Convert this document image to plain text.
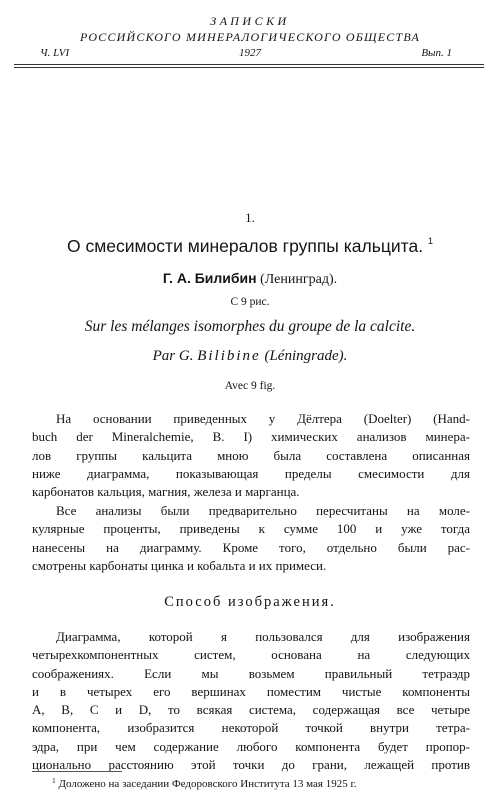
ЗАПИСКИ
РОССИЙСКОГО МИНЕРАЛОГИЧЕСКОГО ОБЩЕСТВА
Ч. LVI	1927	Вып. 1
1.
О смесимости минералов группы кальцита. $^1$
Г. А. Билибин (Ленинград).
С 9 рис.
Sur les mélanges isomorphes du groupe de la calcite.
Par G. Bilibine (Léningrade).
Avec 9 fig.
На основании приведенных у Дёлтера (Doelter) (Hand-
buch der Mineralchemie, B. I) химических анализов минера-
лов группы кальцита мною была составлена описанная
ниже диаграмма, показывающая пределы смесимости для
карбонатов кальция, магния, железа и марганца.
Все анализы были предварительно пересчитаны на моле-
кулярные проценты, приведены к сумме 100 и уже тогда
нанесены на диаграмму. Кроме того, отдельно были рас-
смотрены карбонаты цинка и кобальта и их примеси.
Способ изображения.
Диаграмма, которой я пользовался для изображения
четырехкомпонентных систем, основана на следующих
соображениях. Если мы возьмем правильный тетраэдр
и в четырех его вершинах поместим чистые компоненты
A, B, C и D, то всякая система, содержащая все четыре
компонента, изобразится некоторой точкой внутри тетра-
эдра, при чем содержание любого компонента будет пропор-
ционально расстоянию этой точки до грани, лежащей против
$^1$ Доложено на заседании Федоровского Института 13 мая 1925 г.
